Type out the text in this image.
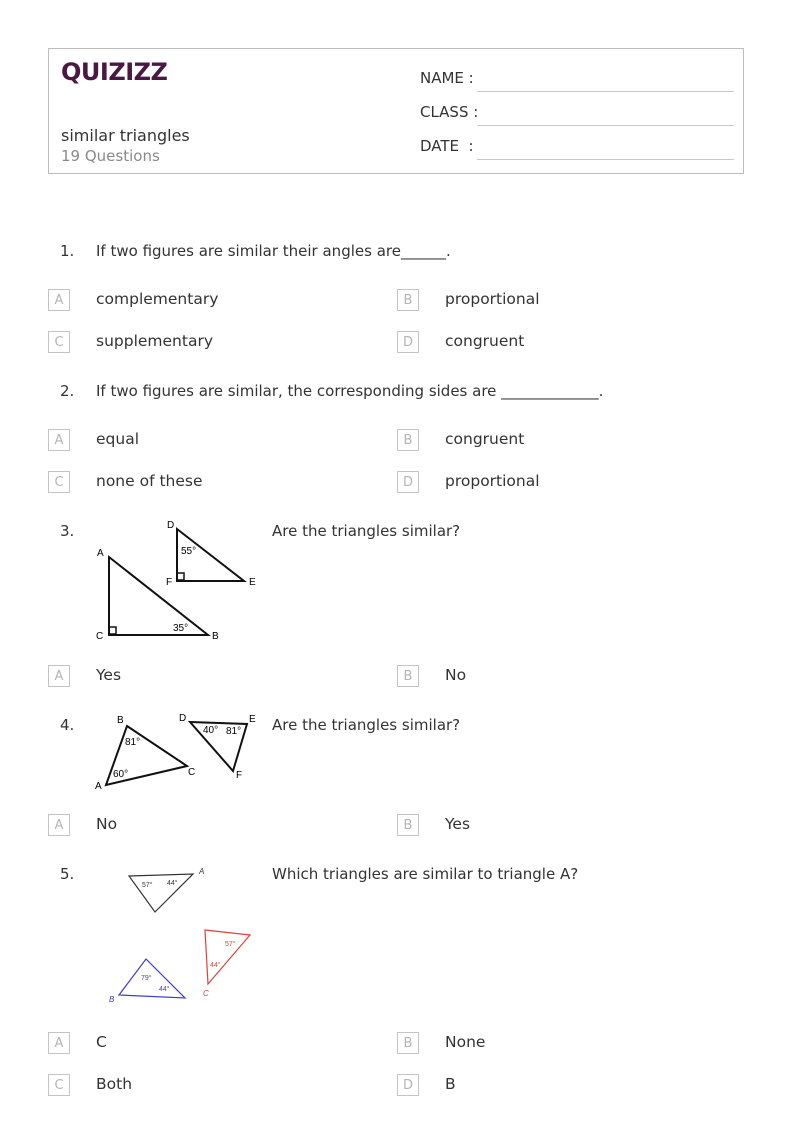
QUIZIZZ
similar triangles
19 Questions
NAME :
CLASS :
DATE  :
1. If two figures are similar their angles are______.
A	complementary	B	proportional
C	supplementary	D	congruent
2. If two figures are similar, the corresponding sides are _____________.
A	equal	B	congruent
C	none of these	D	proportional
3.
A
C	B
D
F	E
55°
35°
Are the triangles similar?
A	Yes	B	No
4.	B
A
C
D	E
F
81°
60°
40° 81° Are the triangles similar?
A	No	B	Yes
5.	A
57° 44°
B
79°
44°	C
57°
44°
Which triangles are similar to triangle A?
A	C	B	None
C	Both	D	B
